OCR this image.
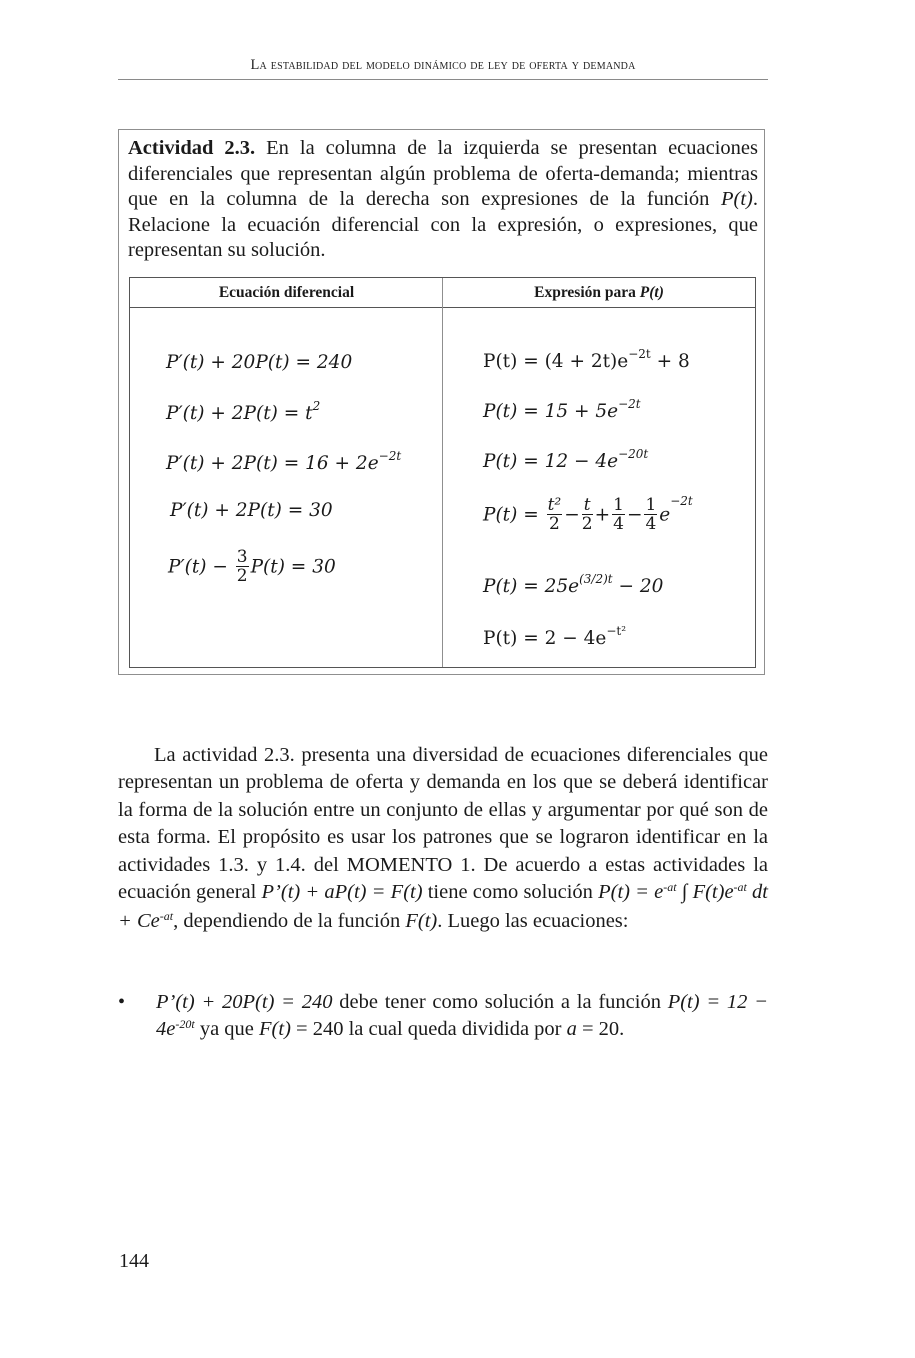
La estabilidad del modelo dinámico de ley de oferta y demanda
Actividad 2.3. En la columna de la izquierda se presentan ecuaciones diferenciales que representan algún problema de oferta-demanda; mientras que en la columna de la derecha son expresiones de la función P(t). Relacione la ecuación diferencial con la expresión, o expresiones, que representan su solución.
Ecuación diferencial	Expresión para P(t)
P′(t) + 20P(t) = 240
$P'(t) + 2P(t) = t^2$
$P'(t) + 2P(t) = 16 + 2e^{-2t}$
P′(t) + 2P(t) = 30
$P'(t) - \frac{3}{2} P(t) = 30$
$P(t) = (4 + 2t)e^{-2t} + 8$
$P(t) = 15 + 5e^{-2t}$
$P(t) = 12 - 4e^{-20t}$
$P(t) = \frac{\text{t²}}{2} - \frac{t}{2} + \frac{1}{4} - \frac{1}{4} e^{-2t}$
$P(t) = 25e^{(3/2)t} - 20$
$P(t) = 2 - 4e^{-t^2}$
La actividad 2.3. presenta una diversidad de ecuaciones diferenciales que representan un problema de oferta y demanda en los que se deberá identificar la forma de la solución entre un conjunto de ellas y argumentar por qué son de esta forma. El propósito es usar los patrones que se lograron identificar en la actividades 1.3. y 1.4. del MOMENTO 1. De acuerdo a estas actividades la ecuación general P’(t) + aP(t) = F(t) tiene como solución $P(t) = e^{-at}$ ∫ $F(t)e^{-at}$ dt + $Ce^{-at}$, dependiendo de la función F(t). Luego las ecuaciones:
• P’(t) + 20P(t) = 240 debe tener como solución a la función $P(t) = 12 - 4e^{-20t}$ ya que F(t) = 240 la cual queda dividida por a = 20.
144
